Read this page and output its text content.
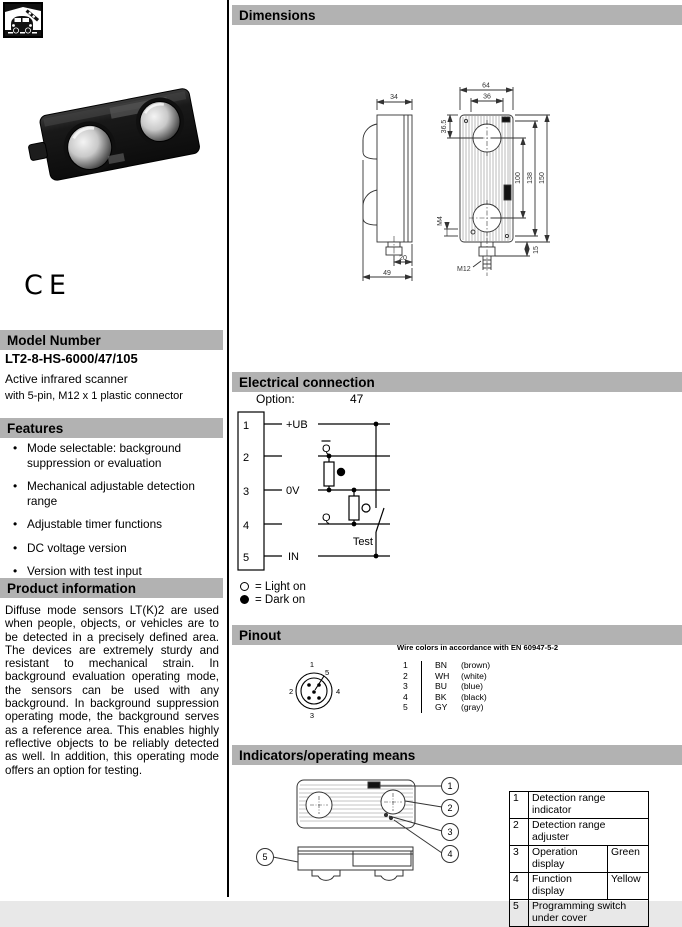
CE
Model Number
LT2-8-HS-6000/47/105
Active infrared scanner
with 5-pin, M12 x 1 plastic connector
Features
• Mode selectable: background suppression or evaluation
• Mechanical adjustable detection range
• Adjustable timer functions
• DC voltage version
• Version with test input
Product information
Diffuse mode sensors LT(K)2 are used when people, objects, or vehicles are to be detected in a precisely defined area. The devices are extremely sturdy and resistant to mechanical strain. In background evaluation operating mode, the sensors can be used with any background. In background suppression operating mode, the background serves as a reference area. This enables highly reflective objects to be reliably detected as well. In addition, this operating mode offers an option for testing.
Dimensions
34
20
49
64
36
36.5
100 138 150
M4
15
M12
Electrical connection
Option:	47
1
2
3
4
5
+UB
0V
IN
Q
Q
Test
= Light on
= Dark on
Pinout
1
5
2	4
3
Wire colors in accordance with EN 60947-5-2
1	BN	(brown)
2	WH	(white)
3	BU	(blue)
4	BK	(black)
5	GY	(gray)
Indicators/operating means
1
2
3
4
5
1	Detection range indicator	
2	Detection range adjuster	
3	Operation display	Green
4	Function display	Yellow
5	Programming switch under cover	
